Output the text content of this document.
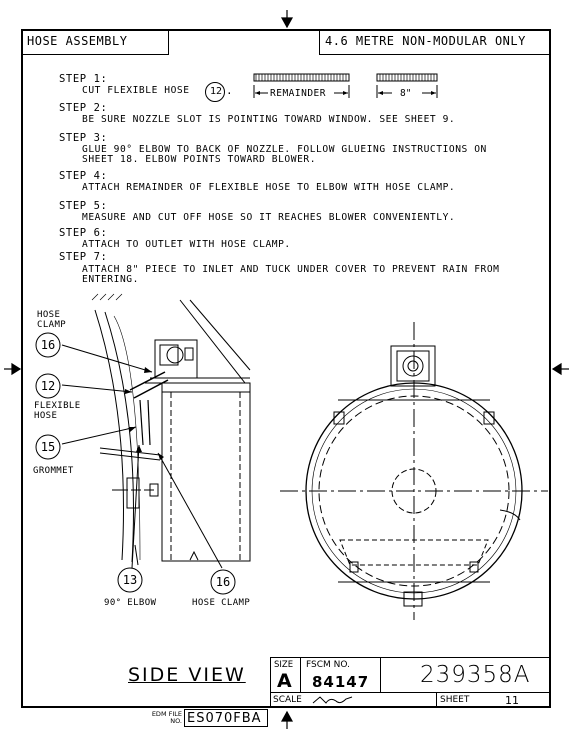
HOSE ASSEMBLY	4.6 METRE NON-MODULAR ONLY
STEP 1:
CUT FLEXIBLE HOSE	12 .	REMAINDER	8"
STEP 2:
BE SURE NOZZLE SLOT IS POINTING TOWARD WINDOW. SEE SHEET 9.
STEP 3:
GLUE 90° ELBOW TO BACK OF NOZZLE. FOLLOW GLUEING INSTRUCTIONS ON
SHEET 18. ELBOW POINTS TOWARD BLOWER.
STEP 4:
ATTACH REMAINDER OF FLEXIBLE HOSE TO ELBOW WITH HOSE CLAMP.
STEP 5:
MEASURE AND CUT OFF HOSE SO IT REACHES BLOWER CONVENIENTLY.
STEP 6:
ATTACH TO OUTLET WITH HOSE CLAMP.
STEP 7:
ATTACH 8" PIECE TO INLET AND TUCK UNDER COVER TO PREVENT RAIN FROM
ENTERING.
HOSE CLAMP
16
12
FLEXIBLE HOSE
15
GROMMET
13
90° ELBOW
16
HOSE CLAMP
SIDE VIEW	SIZE
A
FSCM NO.
84147 239358A
SCALE	SHEET	11
EDM FILE NO. ES070FBA
